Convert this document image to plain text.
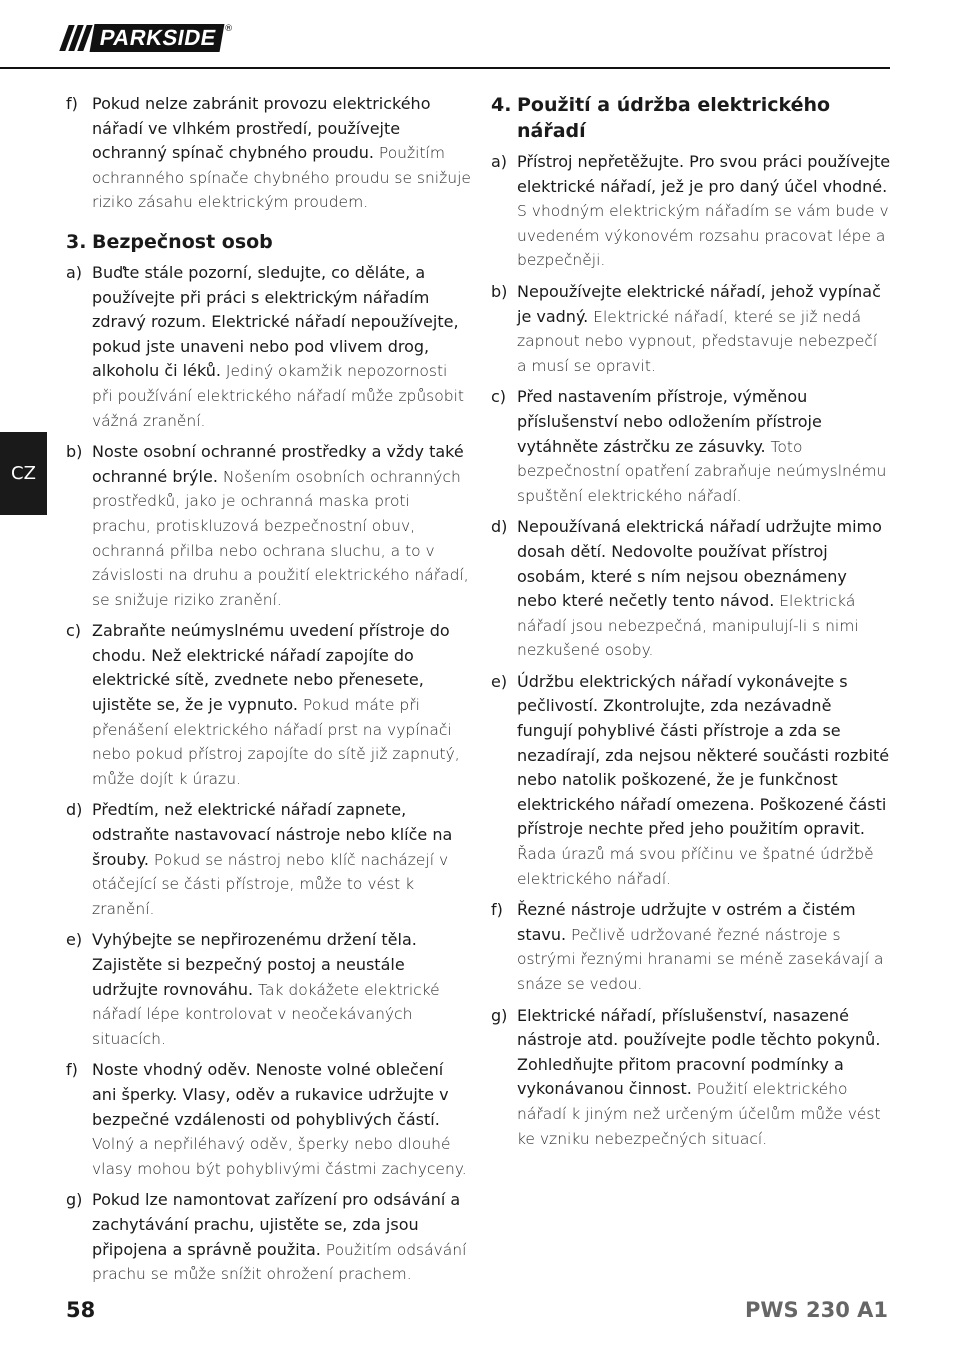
PARKSIDE ®
CZ
f) Pokud nelze zabránit provozu elektrického nářadí ve vlhkém prostředí, používejte ochranný spínač chybného proudu. Použitím ochranného spínače chybného proudu se snižuje riziko zásahu elektrickým proudem.
3. Bezpečnost osob
a) Buďte stále pozorní, sledujte, co děláte, a používejte při práci s elektrickým nářadím zdravý rozum. Elektrické nářadí nepoužívejte, pokud jste unaveni nebo pod vlivem drog, alkoholu či léků. Jediný okamžik nepozornosti při používání elektrického nářadí může způsobit vážná zranění.
b) Noste osobní ochranné prostředky a vždy také ochranné brýle. Nošením osobních ochranných prostředků, jako je ochranná maska proti prachu, protiskluzová bezpečnostní obuv, ochranná přilba nebo ochrana sluchu, a to v závislosti na druhu a použití elektrického nářadí, se snižuje riziko zranění.
c) Zabraňte neúmyslnému uvedení přístroje do chodu. Než elektrické nářadí zapojíte do elektrické sítě, zvednete nebo přenesete, ujistěte se, že je vypnuto. Pokud máte při přenášení elektrického nářadí prst na vypínači nebo pokud přístroj zapojíte do sítě již zapnutý, může dojít k úrazu.
d) Předtím, než elektrické nářadí zapnete, odstraňte nastavovací nástroje nebo klíče na šrouby. Pokud se nástroj nebo klíč nacházejí v otáčející se části přístroje, může to vést k zranění.
e) Vyhýbejte se nepřirozenému držení těla. Zajistěte si bezpečný postoj a neustále udržujte rovnováhu. Tak dokážete elektrické nářadí lépe kontrolovat v neočekávaných situacích.
f) Noste vhodný oděv. Nenoste volné oblečení ani šperky. Vlasy, oděv a rukavice udržujte v bezpečné vzdálenosti od pohyblivých částí. Volný a nepřiléhavý oděv, šperky nebo dlouhé vlasy mohou být pohyblivými částmi zachyceny.
g) Pokud lze namontovat zařízení pro odsávání a zachytávání prachu, ujistěte se, zda jsou připojena a správně použita. Použitím odsávání prachu se může snížit ohrožení prachem.
4. Použití a údržba elektrického nářadí
a) Přístroj nepřetěžujte. Pro svou práci používejte elektrické nářadí, jež je pro daný účel vhodné. S vhodným elektrickým nářadím se vám bude v uvedeném výkonovém rozsahu pracovat lépe a bezpečněji.
b) Nepoužívejte elektrické nářadí, jehož vypínač je vadný. Elektrické nářadí, které se již nedá zapnout nebo vypnout, představuje nebezpečí a musí se opravit.
c) Před nastavením přístroje, výměnou příslušenství nebo odložením přístroje vytáhněte zástrčku ze zásuvky. Toto bezpečnostní opatření zabraňuje neúmyslnému spuštění elektrického nářadí.
d) Nepoužívaná elektrická nářadí udržujte mimo dosah dětí. Nedovolte používat přístroj osobám, které s ním nejsou obeznámeny nebo které nečetly tento návod. Elektrická nářadí jsou nebezpečná, manipulují-li s nimi nezkušené osoby.
e) Údržbu elektrických nářadí vykonávejte s pečlivostí. Zkontrolujte, zda nezávadně fungují pohyblivé části přístroje a zda se nezadírají, zda nejsou některé součásti rozbité nebo natolik poškozené, že je funkčnost elektrického nářadí omezena. Poškozené části přístroje nechte před jeho použitím opravit. Řada úrazů má svou příčinu ve špatné údržbě elektrického nářadí.
f) Řezné nástroje udržujte v ostrém a čistém stavu. Pečlivě udržované řezné nástroje s ostrými řeznými hranami se méně zasekávají a snáze se vedou.
g) Elektrické nářadí, příslušenství, nasazené nástroje atd. používejte podle těchto pokynů. Zohledňujte přitom pracovní podmínky a vykonávanou činnost. Použití elektrického nářadí k jiným než určeným účelům může vést ke vzniku nebezpečných situací.
58	PWS 230 A1
